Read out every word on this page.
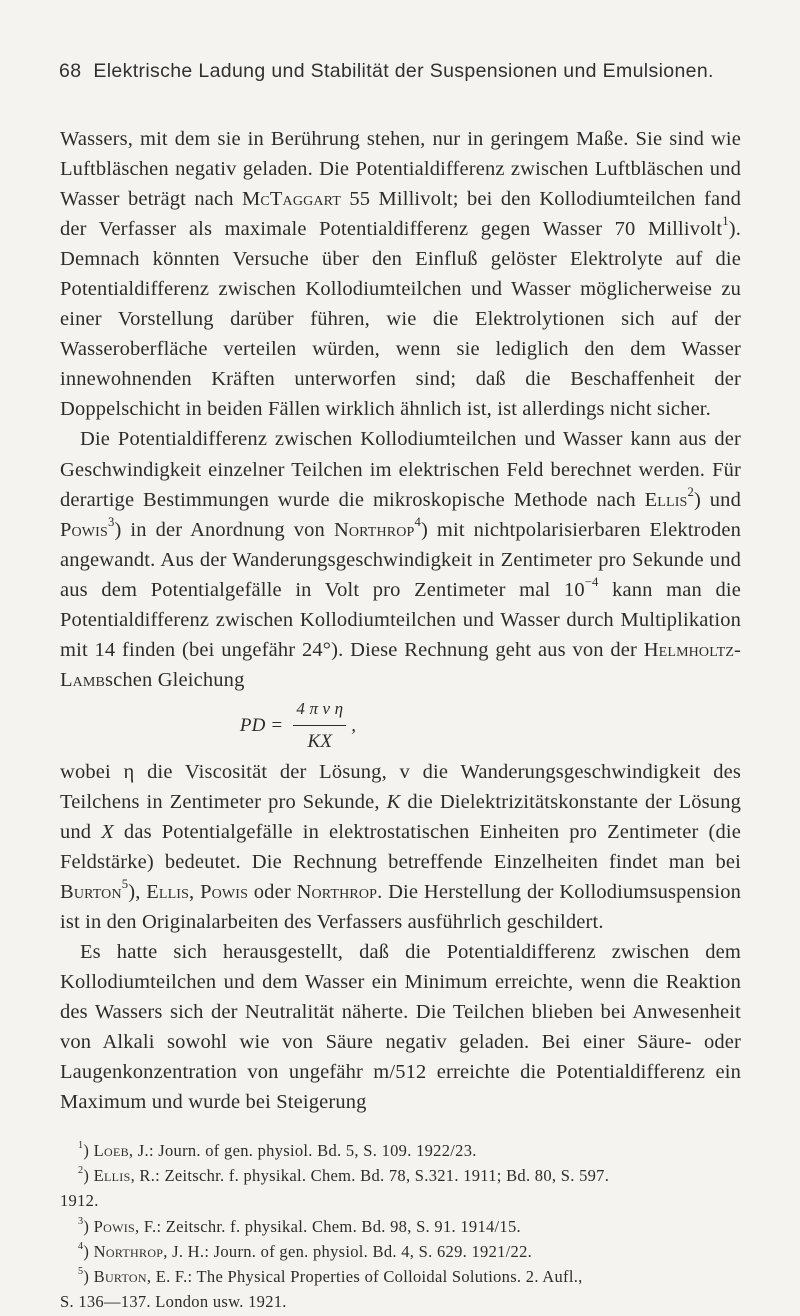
68 Elektrische Ladung und Stabilität der Suspensionen und Emulsionen.

Wassers, mit dem sie in Berührung stehen, nur in geringem Maße. Sie sind wie Luftbläschen negativ geladen. Die Potentialdifferenz zwischen Luftbläschen und Wasser beträgt nach McTaggart 55 Millivolt; bei den Kollodiumteilchen fand der Verfasser als maximale Potentialdifferenz gegen Wasser 70 Millivolt$^1$). Demnach könnten Versuche über den Einfluß gelöster Elektrolyte auf die Potentialdifferenz zwischen Kollodiumteilchen und Wasser möglicherweise zu einer Vorstellung darüber führen, wie die Elektrolytionen sich auf der Wasseroberfläche verteilen würden, wenn sie lediglich den dem Wasser innewohnenden Kräften unterworfen sind; daß die Beschaffenheit der Doppelschicht in beiden Fällen wirklich ähnlich ist, ist allerdings nicht sicher.

Die Potentialdifferenz zwischen Kollodiumteilchen und Wasser kann aus der Geschwindigkeit einzelner Teilchen im elektrischen Feld berechnet werden. Für derartige Bestimmungen wurde die mikroskopische Methode nach Ellis$^2$) und Powis$^3$) in der Anordnung von Northrop$^4$) mit nichtpolarisierbaren Elektroden angewandt. Aus der Wanderungsgeschwindigkeit in Zentimeter pro Sekunde und aus dem Potentialgefälle in Volt pro Zentimeter mal $10^{-4}$ kann man die Potentialdifferenz zwischen Kollodiumteilchen und Wasser durch Multiplikation mit 14 finden (bei ungefähr 24°). Diese Rechnung geht aus von der Helmholtz-Lambschen Gleichung

PD = $\frac{\text{4 π v η}}{KX}$ ,

wobei η die Viscosität der Lösung, v die Wanderungsgeschwindigkeit des Teilchens in Zentimeter pro Sekunde, K die Dielektrizitätskonstante der Lösung und X das Potentialgefälle in elektrostatischen Einheiten pro Zentimeter (die Feldstärke) bedeutet. Die Rechnung betreffende Einzelheiten findet man bei Burton$^5$), Ellis, Powis oder Northrop. Die Herstellung der Kollodiumsuspension ist in den Originalarbeiten des Verfassers ausführlich geschildert.

Es hatte sich herausgestellt, daß die Potentialdifferenz zwischen dem Kollodiumteilchen und dem Wasser ein Minimum erreichte, wenn die Reaktion des Wassers sich der Neutralität näherte. Die Teilchen blieben bei Anwesenheit von Alkali sowohl wie von Säure negativ geladen. Bei einer Säure- oder Laugenkonzentration von ungefähr m/512 erreichte die Potentialdifferenz ein Maximum und wurde bei Steigerung

$^1$) Loeb, J.: Journ. of gen. physiol. Bd. 5, S. 109. 1922/23.
$^2$) Ellis, R.: Zeitschr. f. physikal. Chem. Bd. 78, S.321. 1911; Bd. 80, S. 597.
1912.
$^3$) Powis, F.: Zeitschr. f. physikal. Chem. Bd. 98, S. 91. 1914/15.
$^4$) Northrop, J. H.: Journ. of gen. physiol. Bd. 4, S. 629. 1921/22.
$^5$) Burton, E. F.: The Physical Properties of Colloidal Solutions. 2. Aufl.,
S. 136—137. London usw. 1921.
